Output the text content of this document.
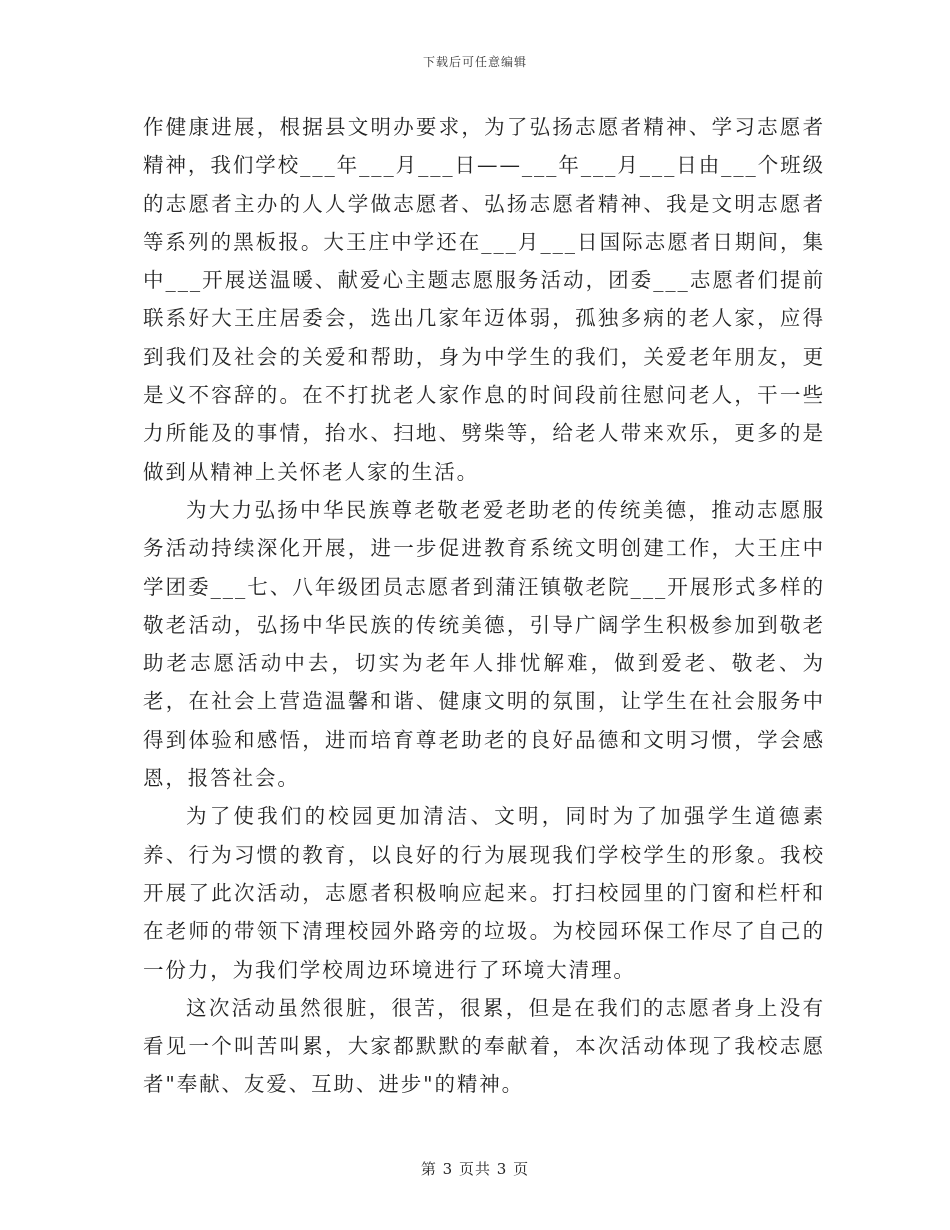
下载后可任意编辑

作健康进展，根据县文明办要求，为了弘扬志愿者精神、学习志愿者精神，我们学校___年___月___日——___年___月___日由___个班级的志愿者主办的人人学做志愿者、弘扬志愿者精神、我是文明志愿者等系列的黑板报。大王庄中学还在___月___日国际志愿者日期间，集中___开展送温暖、献爱心主题志愿服务活动，团委___志愿者们提前联系好大王庄居委会，选出几家年迈体弱，孤独多病的老人家，应得到我们及社会的关爱和帮助，身为中学生的我们，关爱老年朋友，更是义不容辞的。在不打扰老人家作息的时间段前往慰问老人，干一些力所能及的事情，抬水、扫地、劈柴等，给老人带来欢乐，更多的是做到从精神上关怀老人家的生活。

为大力弘扬中华民族尊老敬老爱老助老的传统美德，推动志愿服务活动持续深化开展，进一步促进教育系统文明创建工作，大王庄中学团委___七、八年级团员志愿者到蒲汪镇敬老院___开展形式多样的敬老活动，弘扬中华民族的传统美德，引导广阔学生积极参加到敬老助老志愿活动中去，切实为老年人排忧解难，做到爱老、敬老、为老，在社会上营造温馨和谐、健康文明的氛围，让学生在社会服务中得到体验和感悟，进而培育尊老助老的良好品德和文明习惯，学会感恩，报答社会。

为了使我们的校园更加清洁、文明，同时为了加强学生道德素养、行为习惯的教育，以良好的行为展现我们学校学生的形象。我校开展了此次活动，志愿者积极响应起来。打扫校园里的门窗和栏杆和在老师的带领下清理校园外路旁的垃圾。为校园环保工作尽了自己的一份力，为我们学校周边环境进行了环境大清理。

这次活动虽然很脏，很苦，很累，但是在我们的志愿者身上没有看见一个叫苦叫累，大家都默默的奉献着，本次活动体现了我校志愿者"奉献、友爱、互助、进步"的精神。

第 3 页共 3 页
